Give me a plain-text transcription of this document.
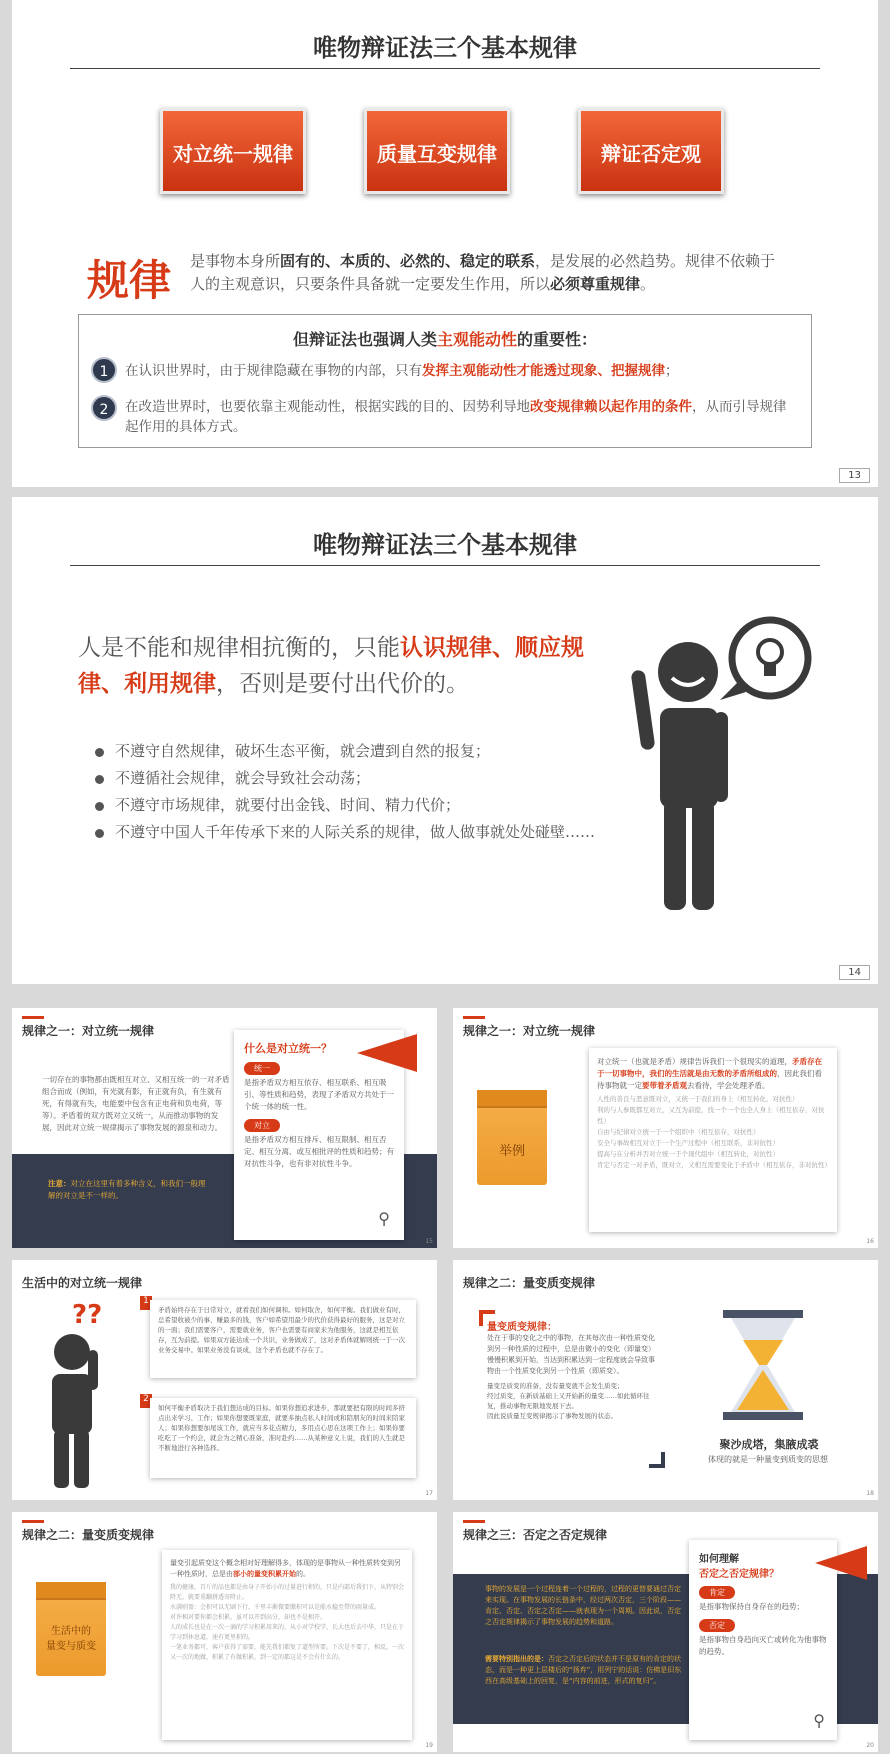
唯物辩证法三个基本规律
对立统一规律	质量互变规律	辩证否定观
规律 是事物本身所固有的、本质的、必然的、稳定的联系，是发展的必然趋势。规律不依赖于人的主观意识，只要条件具备就一定要发生作用，所以必须尊重规律。
但辩证法也强调人类主观能动性的重要性：
1	在认识世界时，由于规律隐藏在事物的内部，只有发挥主观能动性才能透过现象、把握规律；
2	在改造世界时，也要依靠主观能动性，根据实践的目的、因势利导地改变规律赖以起作用的条件，从而引导规律起作用的具体方式。
13
唯物辩证法三个基本规律
14
人是不能和规律相抗衡的，只能认识规律、顺应规律、利用规律，否则是要付出代价的。
不遵守自然规律，破坏生态平衡，就会遭到自然的报复；
不遵循社会规律，就会导致社会动荡；
不遵守市场规律，就要付出金钱、时间、精力代价；
不遵守中国人千年传承下来的人际关系的规律，做人做事就处处碰壁……
规律之一：对立统一规律
一切存在的事物都由既相互对立、又相互统一的一对矛盾组合而成（例如，有光就有影，有正就有负，有生就有死，有得就有失，电能要中包含有正电荷和负电荷，等等）。矛盾着的双方既对立又统一，从而推动事物的发展，因此对立统一规律揭示了事物发展的源泉和动力。
注意：对立在这里有着多种含义，和我们一般理解的对立是不一样的。
什么是对立统一？
统一
是指矛盾双方相互依存、相互联系、相互吸引、等性质和趋势，表现了矛盾双方共处于一个统一体的统一性。
对立
是指矛盾双方相互排斥、相互限制、相互否定、相互分离、或互相批评的性质和趋势；有对抗性斗争，也有非对抗性斗争。
⚲
15
规律之一：对立统一规律
举例
对立统一（也就是矛盾）规律告诉我们一个很现实的道理，矛盾存在于一切事物中，我们的生活就是由无数的矛盾所组成的，因此我们看待事物就一定要带着矛盾观去看待，学会处理矛盾。
人性的善良与恶意既对立，又统一于我们的身上（相互转化，对抗性）
利的与人参既都互对立，又互为前提，找一个一个也全人身上（相互依存，对抗性）
自由与纪律对立统一于一个组织中（相互依存，对抗性）
安全与事故相互对立于一个生产过程中（相互联系，非对抗性）
提高与在分析并否对立统一于个现代组中（相互转化，对抗性）
肯定与否定一对矛盾，既对立，又相互需要变化于矛盾中（相互依存，非对抗性）
16
生活中的对立统一规律
??	1
矛盾始终存在于日常对立，就看我们如何调和。如何取舍，如何平衡。我们做业有时，总希望收被少的事、赚最多的钱，客户如希望用最少的代价获得最好的服务，这是对立的一面；我们需要客户，需要就业务，客户也需要有商家来为他服务，这就是相互依存，互为前提。如果双方能达成一个共识，业务做成了，这对矛盾体就解则统一于一次业务交易中。如果业务没有谈成，这个矛盾也就不存在了。
2
如何平衡矛盾取决于我们想达成的目标。如果你想追求进步，那就要把有限的时间多挤点出来学习、工作；如果你想要既家庭，就要多抽点私人时间或和陪朋友的时间来陪家人；如果你想要加尾该工作，就应当多花点精力，多用点心思在这项工作上；如果你要吃吃了一个约会，就会为之精心准备，准时赴约……从某种意义上说，我们的人生就是不断地进行各种选择。
17
规律之二：量变质变规律
量变质变规律：
处在于事的变化之中的事物，在其每次由一种性质变化到另一种性质的过程中，总是由微小的变化（即量变）慢慢积累到开始，当达到积累达到一定程度就会导致事物由一个性质变化到另一个性质（即质变）。
量变是质变的准备，没有量变就不会发生质变；
经过质变，在新质基础上又开始新的量变……如此循环往复，推动事物无限地发展下去。
因此说质量互变规律揭示了事物发展的状态。
聚沙成塔，集腋成裘
体现的就是一种量变到质变的思想
18
规律之二：量变质变规律
生活中的
量变与质变
量变引起质变这个概念相对好理解得多，体现的是事物从一种性质转变到另一种性质时，总是由部小的量变积累开始的。
我的健康，百斤的品也都是由身子开始小的过量进行积的，只是内部后我们下，从特别会降无，就要重翻拼透寄降止。
水满则盈：会积可以无刷下行，千里丰渐微要缴积可以是能水稳至带的雨量成。
对许相对要你都会积累，虽可以开到高分，却也不是相开。
人的成长也是在一次一滴的学习积累用来的，从小对学校学，长大也后去中华，只是在于学习到休息道，速有更里积的。
一笔业务都可，客户获得了需要，能先我们都复了道型所要。下次是不要了，相反，一次又一次的地做，积累了有做积累，到一定的都这是不会有什么的。
19
规律之三：否定之否定规律
事物的发展是一个过程连着一个过程的，过程的更替要通过否定来实现。在事物发展的长链条中，经过两次否定，三个阶段——肯定、否定、否定之否定——就表现为一个周期。因此说，否定之否定规律揭示了事物发展的趋势和道路。
需要特别指出的是：否定之否定后的状态并不是原有的肯定的状态，而是一种更上层楼后的“扬弃”，用列宁的话说：仿佛是旧东西在高级基础上的回复，是“内容的前进，形式的复归”。
如何理解
否定之否定规律？
肯定
是指事物保持自身存在的趋势；
否定
是指事物自身趋向灭亡或转化为他事物的趋势。
⚲
20
